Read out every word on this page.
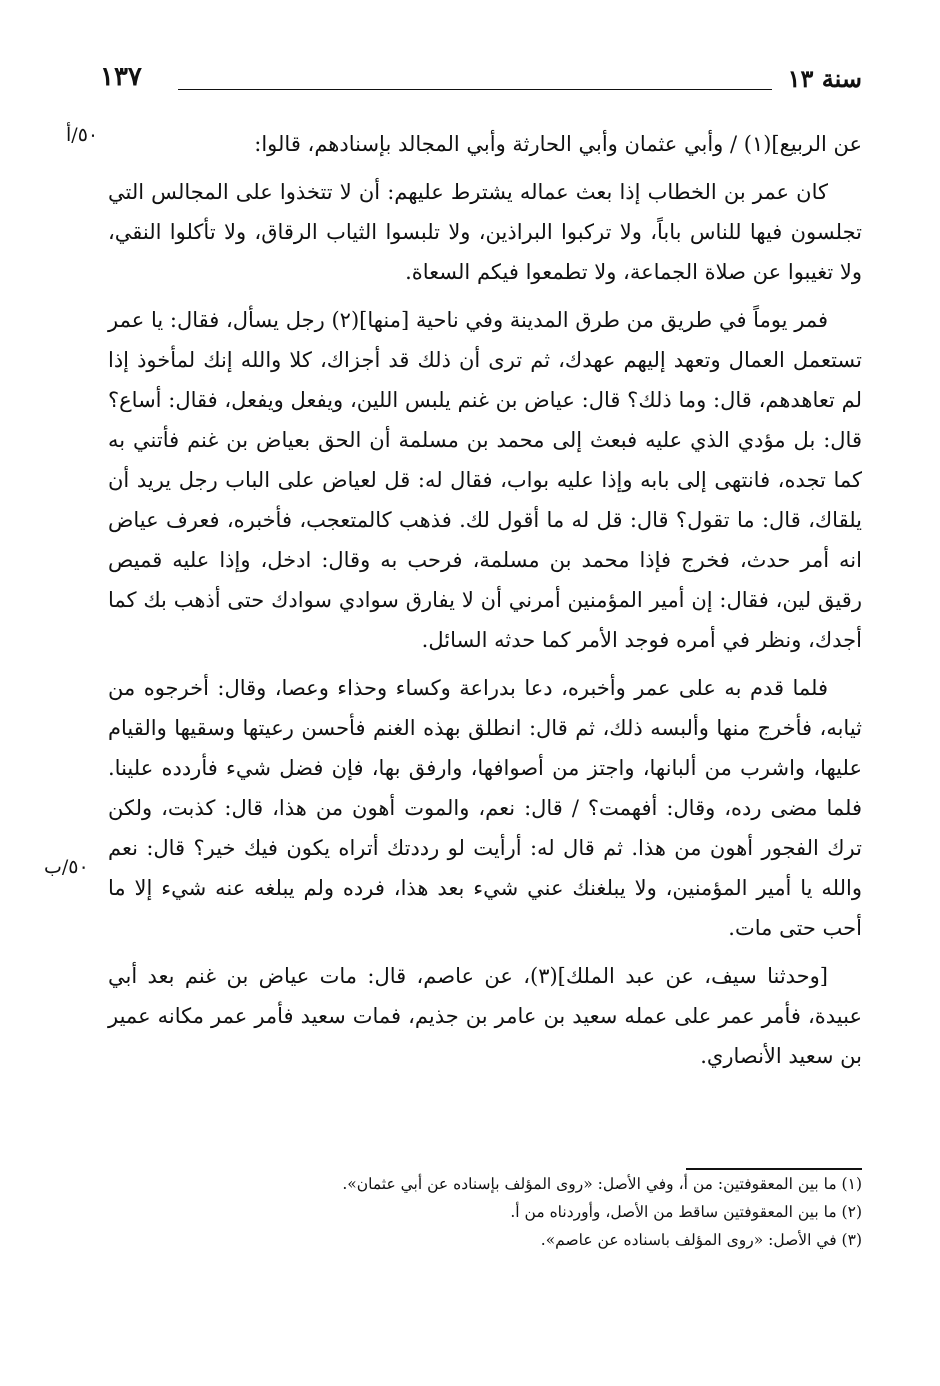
١٣٧	سنة ١٣
٥٠/أ
٥٠/ب

عن الربيع](١) / وأبي عثمان وأبي الحارثة وأبي المجالد بإسنادهم، قالوا:

كان عمر بن الخطاب إذا بعث عماله يشترط عليهم: أن لا تتخذوا على المجالس التي تجلسون فيها للناس باباً، ولا تركبوا البراذين، ولا تلبسوا الثياب الرقاق، ولا تأكلوا النقي، ولا تغيبوا عن صلاة الجماعة، ولا تطمعوا فيكم السعاة.

فمر يوماً في طريق من طرق المدينة وفي ناحية [منها](٢) رجل يسأل، فقال: يا عمر تستعمل العمال وتعهد إليهم عهدك، ثم ترى أن ذلك قد أجزاك، كلا والله إنك لمأخوذ إذا لم تعاهدهم، قال: وما ذلك؟ قال: عياض بن غنم يلبس اللين، ويفعل ويفعل، فقال: أساع؟ قال: بل مؤدي الذي عليه فبعث إلى محمد بن مسلمة أن الحق بعياض بن غنم فأتني به كما تجده، فانتهى إلى بابه وإذا عليه بواب، فقال له: قل لعياض على الباب رجل يريد أن يلقاك، قال: ما تقول؟ قال: قل له ما أقول لك. فذهب كالمتعجب، فأخبره، فعرف عياض انه أمر حدث، فخرج فإذا محمد بن مسلمة، فرحب به وقال: ادخل، وإذا عليه قميص رقيق لين، فقال: إن أمير المؤمنين أمرني أن لا يفارق سوادي سوادك حتى أذهب بك كما أجدك، ونظر في أمره فوجد الأمر كما حدثه السائل.

فلما قدم به على عمر وأخبره، دعا بدراعة وكساء وحذاء وعصا، وقال: أخرجوه من ثيابه، فأخرج منها وألبسه ذلك، ثم قال: انطلق بهذه الغنم فأحسن رعيتها وسقيها والقيام عليها، واشرب من ألبانها، واجتز من أصوافها، وارفق بها، فإن فضل شيء فأردده علينا. فلما مضى رده، وقال: أفهمت؟ / قال: نعم، والموت أهون من هذا، قال: كذبت، ولكن ترك الفجور أهون من هذا. ثم قال له: أرأيت لو رددتك أتراه يكون فيك خير؟ قال: نعم والله يا أمير المؤمنين، ولا يبلغنك عني شيء بعد هذا، فرده ولم يبلغه عنه شيء إلا ما أحب حتى مات.

[وحدثنا سيف، عن عبد الملك](٣)، عن عاصم، قال: مات عياض بن غنم بعد أبي عبيدة، فأمر عمر على عمله سعيد بن عامر بن جذيم، فمات سعيد فأمر عمر مكانه عمير بن سعيد الأنصاري.

(١) ما بين المعقوفتين: من أ، وفي الأصل: «روى المؤلف بإسناده عن أبي عثمان».

(٢) ما بين المعقوفتين ساقط من الأصل، وأوردناه من أ.

(٣) في الأصل: «روى المؤلف باسناده عن عاصم».
